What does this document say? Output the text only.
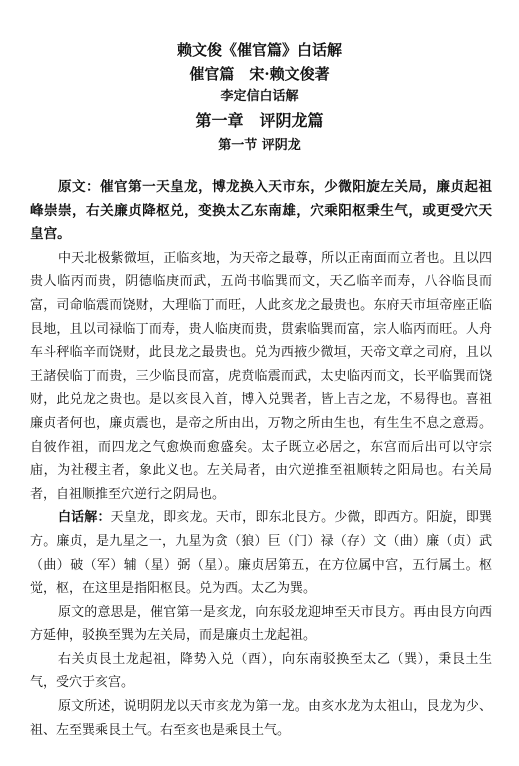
赖文俊《催官篇》白话解
催官篇　宋·赖文俊著
李定信白话解
第一章　评阴龙篇
第一节 评阴龙

原文：催官第一天皇龙，博龙换入天市东，少微阳旋左关局，廉贞起祖峰崇崇，右关廉贞降枢兑，变换太乙东南雄，穴乘阳枢秉生气，或更受穴天皇宫。

中天北极紫微垣，正临亥地，为天帝之最尊，所以正南面而立者也。且以四贵人临丙而贵，阴德临庚而武，五尚书临巽而文，天乙临辛而寿，八谷临艮而富，司命临震而饶财，大理临丁而旺，人此亥龙之最贵也。东府天市垣帝座正临艮地，且以司禄临丁而寿，贵人临庚而贵，贯索临巽而富，宗人临丙而旺。人舟车斗秤临辛而饶财，此艮龙之最贵也。兑为西掖少微垣，天帝文章之司府，且以王諸侯临丁而贵，三少临艮而富，虎贲临震而武，太史临丙而文，长平临巽而饶财，此兑龙之贵也。是以亥艮入首，博入兑巽者，皆上吉之龙，不易得也。喜祖廉贞者何也，廉贞震也，是帝之所由出，万物之所由生也，有生生不息之意焉。自彼作祖，而四龙之气愈焕而愈盛矣。太子既立必居之，东宫而后出可以守宗庙，为社稷主者，象此义也。左关局者，由穴逆推至祖顺转之阳局也。右关局者，自祖顺推至穴逆行之阴局也。

白话解：天皇龙，即亥龙。天市，即东北艮方。少微，即西方。阳旋，即巽方。廉贞，是九星之一，九星为贪（狼）巨（门）禄（存）文（曲）廉（贞）武（曲）破（军）辅（星）弼（星）。廉贞居第五，在方位属中宫，五行属土。枢觉，枢，在这里是指阳枢艮。兑为西。太乙为巽。

原文的意思是，催官第一是亥龙，向东驳龙迎坤至天市艮方。再由艮方向西方延伸，驳换至巽为左关局，而是廉贞土龙起祖。

右关贞艮土龙起祖，降势入兑（酉），向东南驳换至太乙（巽），秉艮土生气，受穴于亥宫。

原文所述，说明阴龙以天市亥龙为第一龙。由亥水龙为太祖山，艮龙为少、祖、左至巽乘艮土气。右至亥也是乘艮土气。
